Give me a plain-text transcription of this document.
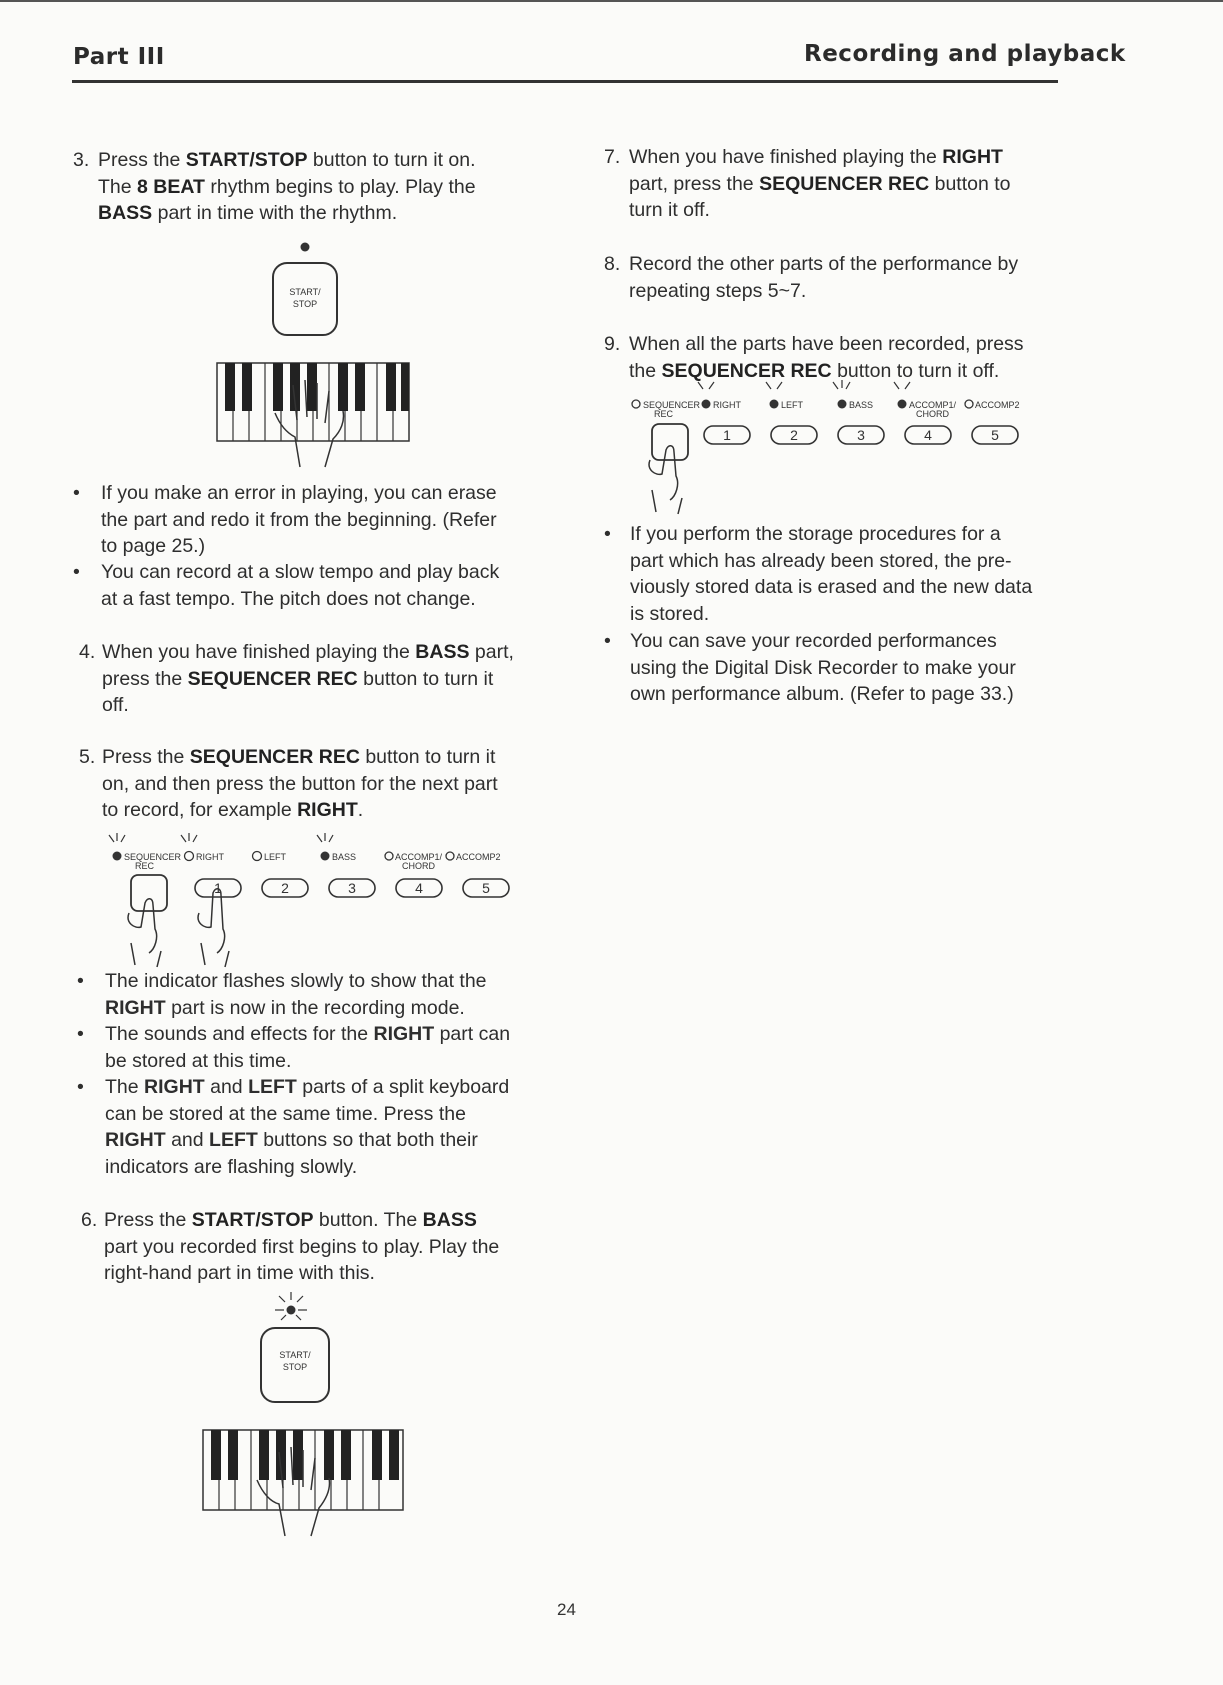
Part III	Recording and playback
3. Press the START/STOP button to turn it on.
The 8 BEAT rhythm begins to play. Play the
BASS part in time with the rhythm.
START/
STOP
• If you make an error in playing, you can erase
the part and redo it from the beginning. (Refer
to page 25.)
• You can record at a slow tempo and play back
at a fast tempo. The pitch does not change.
4. When you have finished playing the BASS part,
press the SEQUENCER REC button to turn it
off.
5. Press the SEQUENCER REC button to turn it
on, and then press the button for the next part
to record, for example RIGHT.
SEQUENCER
REC
RIGHT	LEFT	BASS	ACCOMP1/ ACCOMP2
CHORD
1	2	3	4	5
• The indicator flashes slowly to show that the
RIGHT part is now in the recording mode.
• The sounds and effects for the RIGHT part can
be stored at this time.
• The RIGHT and LEFT parts of a split keyboard
can be stored at the same time. Press the
RIGHT and LEFT buttons so that both their
indicators are flashing slowly.
6. Press the START/STOP button. The BASS
part you recorded first begins to play. Play the
right-hand part in time with this.
START/
STOP
7. When you have finished playing the RIGHT
part, press the SEQUENCER REC button to
turn it off.
8. Record the other parts of the performance by
repeating steps 5~7.
9. When all the parts have been recorded, press
the SEQUENCER REC button to turn it off.
SEQUENCER
REC
RIGHT	LEFT	BASS	ACCOMP1/ ACCOMP2
CHORD
1	2	3	4	5
• If you perform the storage procedures for a
part which has already been stored, the pre-
viously stored data is erased and the new data
is stored.
• You can save your recorded performances
using the Digital Disk Recorder to make your
own performance album. (Refer to page 33.)
24
